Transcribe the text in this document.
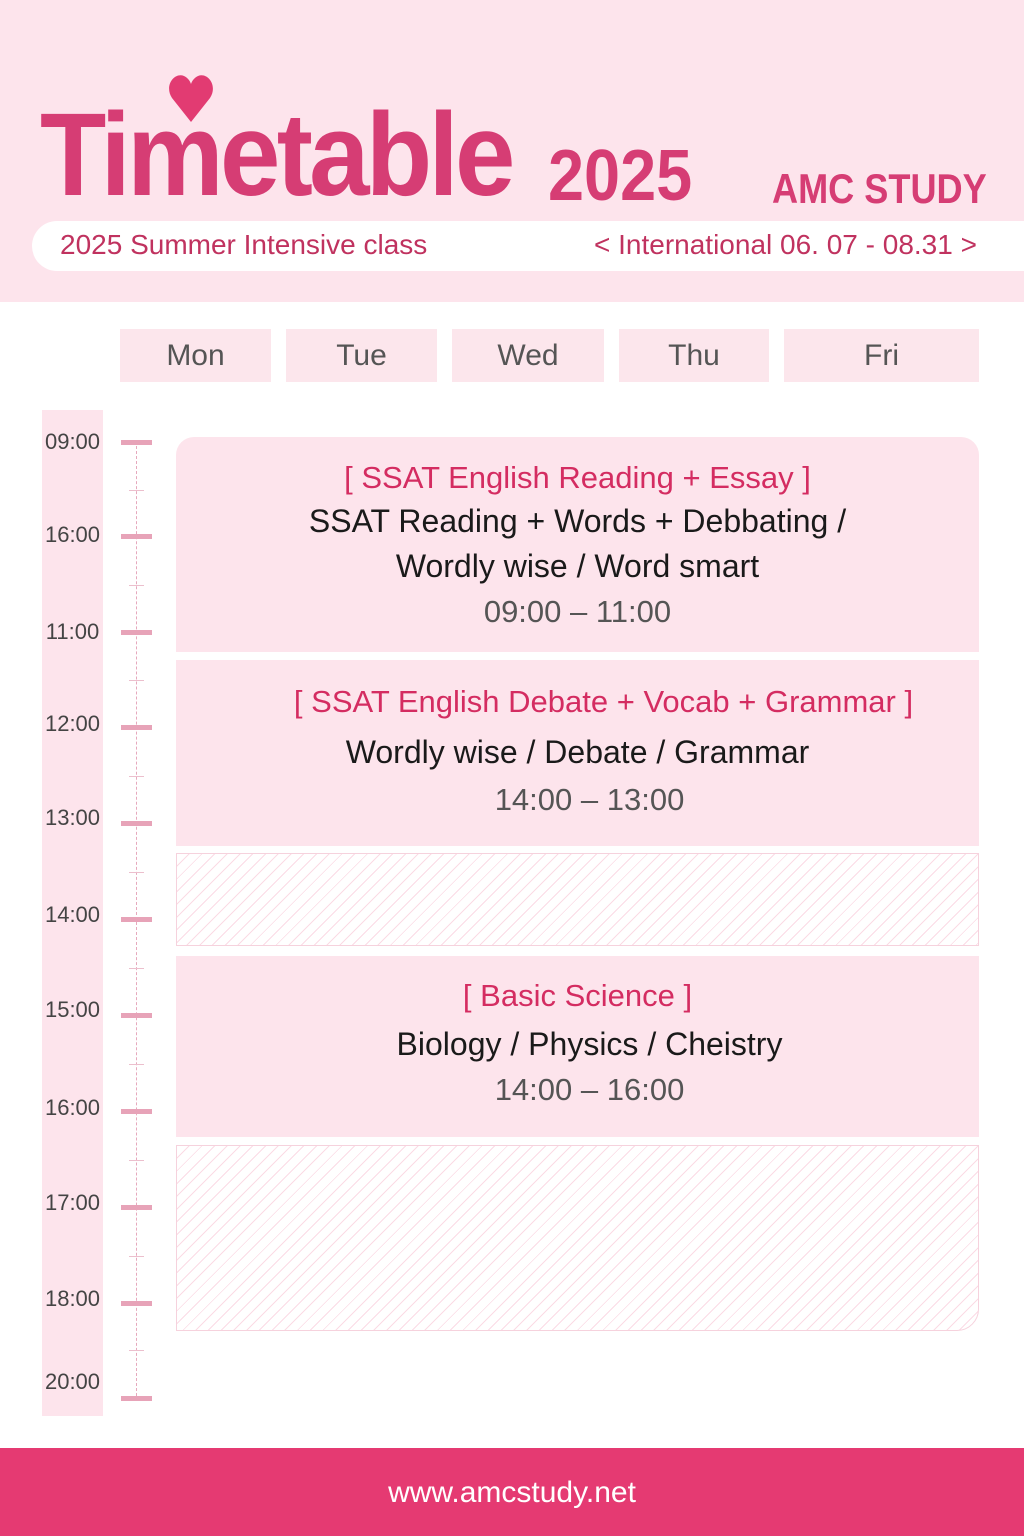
Timetable 2025 AMC STUDY
2025 Summer Intensive class	< International 06. 07 - 08.31 >
Mon	Tue	Wed	Thu	Fri
09:00
16:00
11:00
12:00
13:00
14:00
15:00
16:00
17:00
18:00
20:00
[ SSAT English Reading + Essay ]
SSAT Reading + Words + Debbating /
Wordly wise / Word smart
09:00 – 11:00
[ SSAT English Debate + Vocab + Grammar ]
Wordly wise / Debate / Grammar
14:00 – 13:00
[ Basic Science ]
Biology / Physics / Cheistry
14:00 – 16:00
www.amcstudy.net
